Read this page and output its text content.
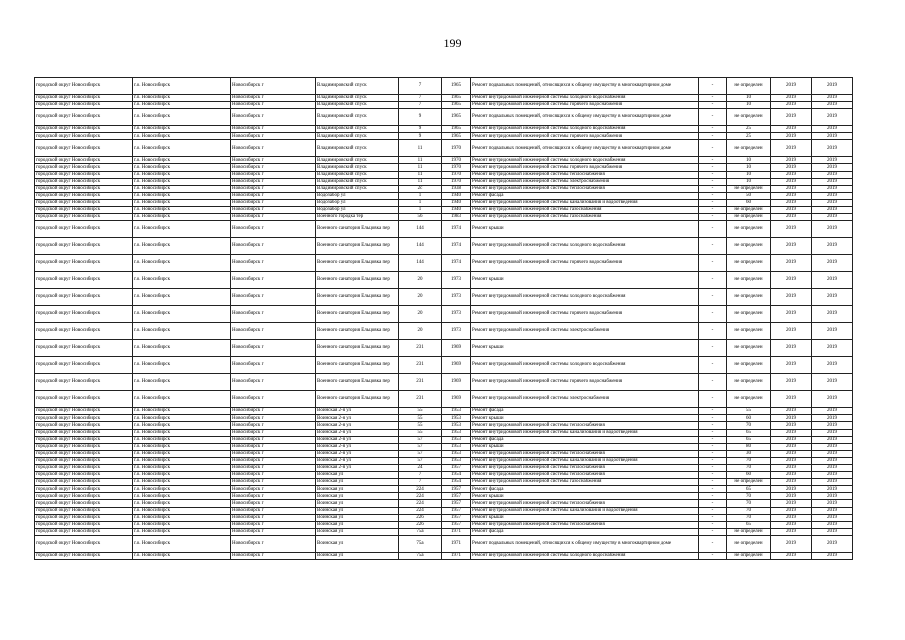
199
городской округ Новосибирск	г.о. Новосибирск	Новосибирск г	Владимировский спуск	7	1965	Ремонт подвальных помещений, относящихся к общему имуществу в многоквартирном доме	-	не определен	2019	2019
городской округ Новосибирск	г.о. Новосибирск	Новосибирск г	Владимировский спуск	7	1965	Ремонт внутридомовой инженерной системы холодного водоснабжения	-	10	2019	2019
городской округ Новосибирск	г.о. Новосибирск	Новосибирск г	Владимировский спуск	7	1965	Ремонт внутридомовой инженерной системы горячего водоснабжения	-	10	2019	2019
городской округ Новосибирск	г.о. Новосибирск	Новосибирск г	Владимировский спуск	9	1965	Ремонт подвальных помещений, относящихся к общему имуществу в многоквартирном доме	-	не определен	2019	2019
городской округ Новосибирск	г.о. Новосибирск	Новосибирск г	Владимировский спуск	9	1965	Ремонт внутридомовой инженерной системы холодного водоснабжения	-	25	2019	2019
городской округ Новосибирск	г.о. Новосибирск	Новосибирск г	Владимировский спуск	9	1965	Ремонт внутридомовой инженерной системы горячего водоснабжения	-	25	2019	2019
городской округ Новосибирск	г.о. Новосибирск	Новосибирск г	Владимировский спуск	11	1970	Ремонт подвальных помещений, относящихся к общему имуществу в многоквартирном доме	-	не определен	2019	2019
городской округ Новосибирск	г.о. Новосибирск	Новосибирск г	Владимировский спуск	11	1970	Ремонт внутридомовой инженерной системы холодного водоснабжения	-	10	2019	2019
городской округ Новосибирск	г.о. Новосибирск	Новосибирск г	Владимировский спуск	11	1970	Ремонт внутридомовой инженерной системы горячего водоснабжения	-	10	2019	2019
городской округ Новосибирск	г.о. Новосибирск	Новосибирск г	Владимировский спуск	11	1970	Ремонт внутридомовой инженерной системы теплоснабжения	-	10	2019	2019
городской округ Новосибирск	г.о. Новосибирск	Новосибирск г	Владимировский спуск	11	1970	Ремонт внутридомовой инженерной системы электроснабжения	-	10	2019	2019
городской округ Новосибирск	г.о. Новосибирск	Новосибирск г	Владимировский спуск	2с	1938	Ремонт внутридомовой инженерной системы теплоснабжения	-	не определен	2019	2019
городской округ Новосибирск	г.о. Новосибирск	Новосибирск г	Водозабор ул	1	1940	Ремонт фасада	-	50	2019	2019
городской округ Новосибирск	г.о. Новосибирск	Новосибирск г	Водозабор ул	1	1940	Ремонт внутридомовой инженерной системы канализования и водоотведения	-	60	2019	2019
городской округ Новосибирск	г.о. Новосибирск	Новосибирск г	Водозабор ул	1	1940	Ремонт внутридомовой инженерной системы газоснабжения	-	не определен	2019	2019
городской округ Новосибирск	г.о. Новосибирск	Новосибирск г	Военного городка тер	56	1983	Ремонт внутридомовой инженерной системы газоснабжения	-	не определен	2019	2019
городской округ Новосибирск	г.о. Новосибирск	Новосибирск г	Военного санатория Ельцовка пер	144	1974	Ремонт крыши	-	не определен	2019	2019
городской округ Новосибирск	г.о. Новосибирск	Новосибирск г	Военного санатория Ельцовка пер	144	1974	Ремонт внутридомовой инженерной системы холодного водоснабжения	-	не определен	2019	2019
городской округ Новосибирск	г.о. Новосибирск	Новосибирск г	Военного санатория Ельцовка пер	144	1974	Ремонт внутридомовой инженерной системы горячего водоснабжения	-	не определен	2019	2019
городской округ Новосибирск	г.о. Новосибирск	Новосибирск г	Военного санатория Ельцовка пер	20	1973	Ремонт крыши	-	не определен	2019	2019
городской округ Новосибирск	г.о. Новосибирск	Новосибирск г	Военного санатория Ельцовка пер	20	1973	Ремонт внутридомовой инженерной системы холодного водоснабжения	-	не определен	2019	2019
городской округ Новосибирск	г.о. Новосибирск	Новосибирск г	Военного санатория Ельцовка пер	20	1973	Ремонт внутридомовой инженерной системы горячего водоснабжения	-	не определен	2019	2019
городской округ Новосибирск	г.о. Новосибирск	Новосибирск г	Военного санатория Ельцовка пер	20	1973	Ремонт внутридомовой инженерной системы электроснабжения	-	не определен	2019	2019
городской округ Новосибирск	г.о. Новосибирск	Новосибирск г	Военного санатория Ельцовка пер	231	1969	Ремонт крыши	-	не определен	2019	2019
городской округ Новосибирск	г.о. Новосибирск	Новосибирск г	Военного санатория Ельцовка пер	231	1969	Ремонт внутридомовой инженерной системы холодного водоснабжения	-	не определен	2019	2019
городской округ Новосибирск	г.о. Новосибирск	Новосибирск г	Военного санатория Ельцовка пер	231	1969	Ремонт внутридомовой инженерной системы горячего водоснабжения	-	не определен	2019	2019
городской округ Новосибирск	г.о. Новосибирск	Новосибирск г	Военного санатория Ельцовка пер	231	1969	Ремонт внутридомовой инженерной системы электроснабжения	-	не определен	2019	2019
городской округ Новосибирск	г.о. Новосибирск	Новосибирск г	Воинская 2-я ул	55	1953	Ремонт фасада	-	55	2019	2019
городской округ Новосибирск	г.о. Новосибирск	Новосибирск г	Воинская 2-я ул	55	1953	Ремонт крыши	-	60	2019	2019
городской округ Новосибирск	г.о. Новосибирск	Новосибирск г	Воинская 2-я ул	55	1953	Ремонт внутридомовой инженерной системы теплоснабжения	-	70	2019	2019
городской округ Новосибирск	г.о. Новосибирск	Новосибирск г	Воинская 2-я ул	55	1953	Ремонт внутридомовой инженерной системы канализования и водоотведения	-	65	2019	2019
городской округ Новосибирск	г.о. Новосибирск	Новосибирск г	Воинская 2-я ул	57	1953	Ремонт фасада	-	65	2019	2019
городской округ Новосибирск	г.о. Новосибирск	Новосибирск г	Воинская 2-я ул	57	1953	Ремонт крыши	-	80	2019	2019
городской округ Новосибирск	г.о. Новосибирск	Новосибирск г	Воинская 2-я ул	57	1953	Ремонт внутридомовой инженерной системы теплоснабжения	-	30	2019	2019
городской округ Новосибирск	г.о. Новосибирск	Новосибирск г	Воинская 2-я ул	57	1953	Ремонт внутридомовой инженерной системы канализования и водоотведения	-	70	2019	2019
городской округ Новосибирск	г.о. Новосибирск	Новосибирск г	Воинская 2-я ул	24	1957	Ремонт внутридомовой инженерной системы теплоснабжения	-	70	2019	2019
городской округ Новосибирск	г.о. Новосибирск	Новосибирск г	Воинская ул	7	1954	Ремонт внутридомовой инженерной системы теплоснабжения	-	60	2019	2019
городской округ Новосибирск	г.о. Новосибирск	Новосибирск г	Воинская ул	7	1954	Ремонт внутридомовой инженерной системы газоснабжения	-	не определен	2019	2019
городской округ Новосибирск	г.о. Новосибирск	Новосибирск г	Воинская ул	224	1957	Ремонт фасада	-	65	2019	2019
городской округ Новосибирск	г.о. Новосибирск	Новосибирск г	Воинская ул	224	1957	Ремонт крыши	-	70	2019	2019
городской округ Новосибирск	г.о. Новосибирск	Новосибирск г	Воинская ул	224	1957	Ремонт внутридомовой инженерной системы теплоснабжения	-	70	2019	2019
городской округ Новосибирск	г.о. Новосибирск	Новосибирск г	Воинская ул	224	1957	Ремонт внутридомовой инженерной системы канализования и водоотведения	-	70	2019	2019
городской округ Новосибирск	г.о. Новосибирск	Новосибирск г	Воинская ул	226	1957	Ремонт крыши	-	70	2019	2019
городской округ Новосибирск	г.о. Новосибирск	Новосибирск г	Воинская ул	226	1957	Ремонт внутридомовой инженерной системы теплоснабжения	-	65	2019	2019
городской округ Новосибирск	г.о. Новосибирск	Новосибирск г	Воинская ул	75а	1971	Ремонт фасада	-	не определен	2019	2019
городской округ Новосибирск	г.о. Новосибирск	Новосибирск г	Воинская ул	75а	1971	Ремонт подвальных помещений, относящихся к общему имуществу в многоквартирном доме	-	не определен	2019	2019
городской округ Новосибирск	г.о. Новосибирск	Новосибирск г	Воинская ул	75а	1971	Ремонт внутридомовой инженерной системы холодного водоснабжения	-	не определен	2019	2019
